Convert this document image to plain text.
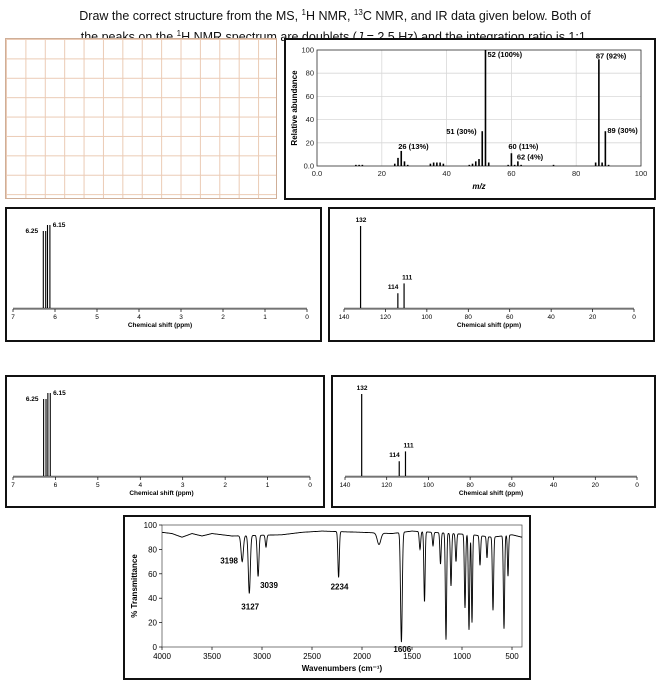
Draw the correct structure from the MS, $^1$H NMR, $^{13}$C NMR, and IR data given below. Both of
$^1$
0.0	20	40	60	80	100
0.0
20
40
60
80
100
26 (13%)
51 (30%)
52 (100%)
60 (11%)
62 (4%)
87 (92%)
89 (30%)
m/z
Relative abundance
7	6	5	4	3	2	1	0
6.25
6.15
Chemical shift (ppm)
140	120	100	80	60	40	20	0
132
114
111
Chemical shift (ppm)
7	6	5	4	3	2	1	0
6.25
6.15
Chemical shift (ppm)
140	120	100	80	60	40	20	0
132
114
111
Chemical shift (ppm)
0
20
40
60
80
100
4000	3500	3000	2500	2000	1500	1000	500
3198
3039
3127
2234
1606
Wavenumbers (cm⁻¹)
% Transmittance
